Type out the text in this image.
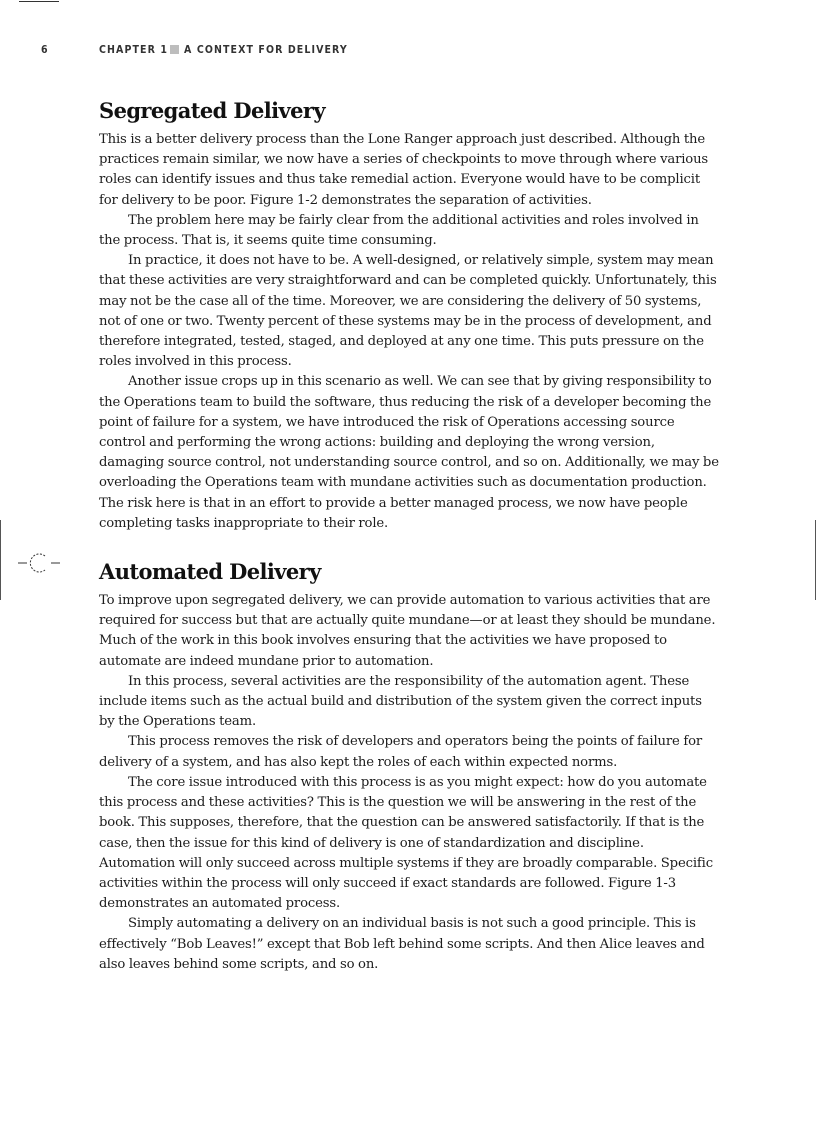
6	CHAPTER 1 A CONTEXT FOR DELIVERY
Segregated Delivery

This is a better delivery process than the Lone Ranger approach just described. Although the practices remain similar, we now have a series of checkpoints to move through where various roles can identify issues and thus take remedial action. Everyone would have to be complicit for delivery to be poor. Figure 1-2 demonstrates the separation of activities.

The problem here may be fairly clear from the additional activities and roles involved in the process. That is, it seems quite time consuming.

In practice, it does not have to be. A well-designed, or relatively simple, system may mean that these activities are very straightforward and can be completed quickly. Unfortunately, this may not be the case all of the time. Moreover, we are considering the delivery of 50 systems, not of one or two. Twenty percent of these systems may be in the process of development, and therefore integrated, tested, staged, and deployed at any one time. This puts pressure on the roles involved in this process.

Another issue crops up in this scenario as well. We can see that by giving responsibility to the Operations team to build the software, thus reducing the risk of a developer becoming the point of failure for a system, we have introduced the risk of Operations accessing source control and performing the wrong actions: building and deploying the wrong version, damaging source control, not understanding source control, and so on. Additionally, we may be overloading the Operations team with mundane activities such as documentation production. The risk here is that in an effort to provide a better managed process, we now have people completing tasks inappropriate to their role.

Automated Delivery

To improve upon segregated delivery, we can provide automation to various activities that are required for success but that are actually quite mundane—or at least they should be mundane. Much of the work in this book involves ensuring that the activities we have proposed to automate are indeed mundane prior to automation.

In this process, several activities are the responsibility of the automation agent. These include items such as the actual build and distribution of the system given the correct inputs by the Operations team.

This process removes the risk of developers and operators being the points of failure for delivery of a system, and has also kept the roles of each within expected norms.

The core issue introduced with this process is as you might expect: how do you automate this process and these activities? This is the question we will be answering in the rest of the book. This supposes, therefore, that the question can be answered satisfactorily. If that is the case, then the issue for this kind of delivery is one of standardization and discipline. Automation will only succeed across multiple systems if they are broadly comparable. Specific activities within the process will only succeed if exact standards are followed. Figure 1-3 demonstrates an automated process.

Simply automating a delivery on an individual basis is not such a good principle. This is effectively “Bob Leaves!” except that Bob left behind some scripts. And then Alice leaves and also leaves behind some scripts, and so on.
